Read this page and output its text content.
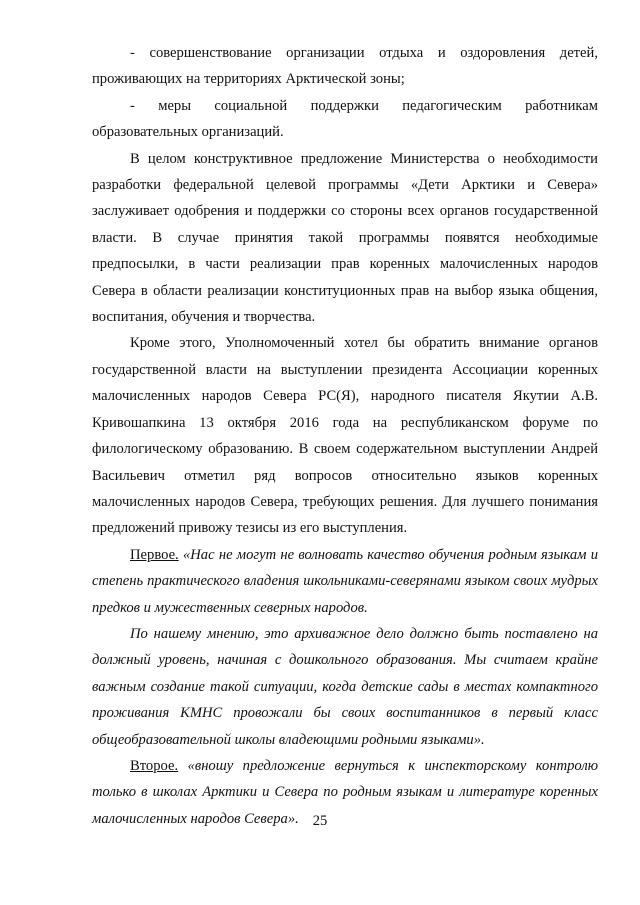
- совершенствование организации отдыха и оздоровления детей, проживающих на территориях Арктической зоны;

- меры социальной поддержки педагогическим работникам образовательных организаций.

В целом конструктивное предложение Министерства о необходимости разработки федеральной целевой программы «Дети Арктики и Севера» заслуживает одобрения и поддержки со стороны всех органов государственной власти. В случае принятия такой программы появятся необходимые предпосылки, в части реализации прав коренных малочисленных народов Севера в области реализации конституционных прав на выбор языка общения, воспитания, обучения и творчества.

Кроме этого, Уполномоченный хотел бы обратить внимание органов государственной власти на выступлении президента Ассоциации коренных малочисленных народов Севера РС(Я), народного писателя Якутии А.В. Кривошапкина 13 октября 2016 года на республиканском форуме по филологическому образованию. В своем содержательном выступлении Андрей Васильевич отметил ряд вопросов относительно языков коренных малочисленных народов Севера, требующих решения. Для лучшего понимания предложений привожу тезисы из его выступления.

Первое. «Нас не могут не волновать качество обучения родным языкам и степень практического владения школьниками-северянами языком своих мудрых предков и мужественных северных народов.

По нашему мнению, это архиважное дело должно быть поставлено на должный уровень, начиная с дошкольного образования. Мы считаем крайне важным создание такой ситуации, когда детские сады в местах компактного проживания КМНС провожали бы своих воспитанников в первый класс общеобразовательной школы владеющими родными языками».

Второе. «вношу предложение вернуться к инспекторскому контролю только в школах Арктики и Севера по родным языкам и литературе коренных малочисленных народов Севера». 25
